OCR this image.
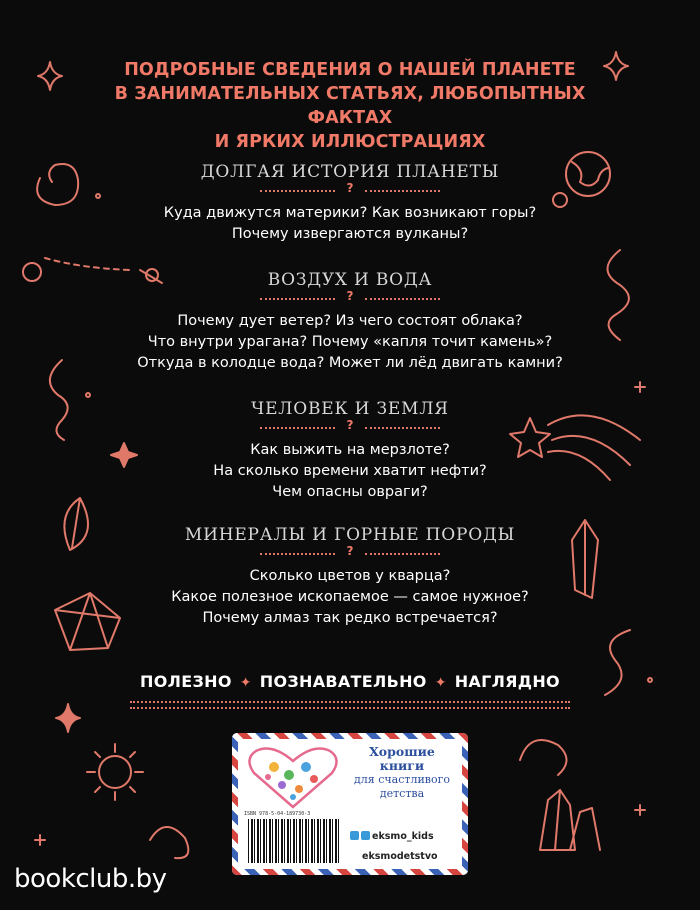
ПОДРОБНЫЕ СВЕДЕНИЯ О НАШЕЙ ПЛАНЕТЕ
В ЗАНИМАТЕЛЬНЫХ СТАТЬЯХ, ЛЮБОПЫТНЫХ ФАКТАХ
И ЯРКИХ ИЛЛЮСТРАЦИЯХ
ДОЛГАЯ ИСТОРИЯ ПЛАНЕТЫ
?
Куда движутся материки? Как возникают горы?
Почему извергаются вулканы?
ВОЗДУХ И ВОДА
?
Почему дует ветер? Из чего состоят облака?
Что внутри урагана? Почему «капля точит камень»?
Откуда в колодце вода? Может ли лёд двигать камни?
ЧЕЛОВЕК И ЗЕМЛЯ
?
Как выжить на мерзлоте?
На сколько времени хватит нефти?
Чем опасны овраги?
МИНЕРАЛЫ И ГОРНЫЕ ПОРОДЫ
?
Сколько цветов у кварца?
Какое полезное ископаемое — самое нужное?
Почему алмаз так редко встречается?
ПОЛЕЗНО ✦ ПОЗНАВАТЕЛЬНО ✦ НАГЛЯДНО
ISBN 978-5-04-189730-3
Хорошие
книги
для счастливого
детства
eksmo_kids
eksmodetstvo
bookclub.by
